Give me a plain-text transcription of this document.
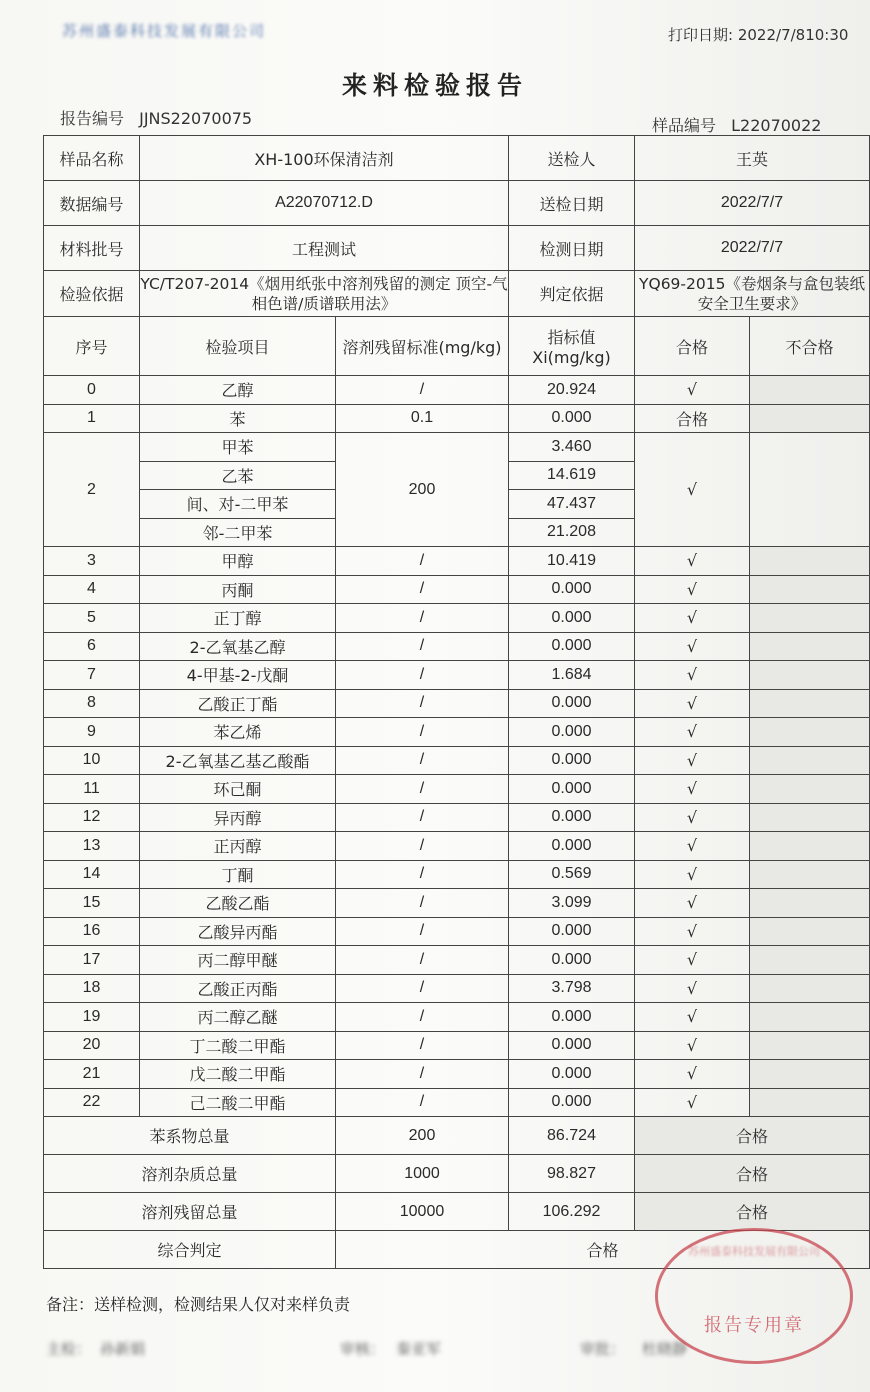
苏州盛泰科技发展有限公司	打印日期: 2022/7/810:30
来料检验报告
报告编号 JJNS22070075	样品编号 L22070022
样品名称	XH-100环保清洁剂		送检人	王英	
数据编号	A22070712.D		送检日期	2022/7/7	
材料批号	工程测试		检测日期	2022/7/7	
检验依据	YC/T207-2014《烟用纸张中溶剂残留的测定 顶空-气相色谱/质谱联用法》		判定依据	YQ69-2015《卷烟条与盒包装纸安全卫生要求》	
序号	检验项目	溶剂残留标准(mg/kg)	指标值Xi(mg/kg)	合格	不合格
0	乙醇	/	20.924	√	
1	苯	0.1	0.000	合格	
2	甲苯	200	3.460	√	
	乙苯		14.619		
	间、对-二甲苯		47.437		
	邻-二甲苯		21.208		
3	甲醇	/	10.419	√	
4	丙酮	/	0.000	√	
5	正丁醇	/	0.000	√	
6	2-乙氧基乙醇	/	0.000	√	
7	4-甲基-2-戊酮	/	1.684	√	
8	乙酸正丁酯	/	0.000	√	
9	苯乙烯	/	0.000	√	
10	2-乙氧基乙基乙酸酯	/	0.000	√	
11	环己酮	/	0.000	√	
12	异丙醇	/	0.000	√	
13	正丙醇	/	0.000	√	
14	丁酮	/	0.569	√	
15	乙酸乙酯	/	3.099	√	
16	乙酸异丙酯	/	0.000	√	
17	丙二醇甲醚	/	0.000	√	
18	乙酸正丙酯	/	3.798	√	
19	丙二醇乙醚	/	0.000	√	
20	丁二酸二甲酯	/	0.000	√	
21	戊二酸二甲酯	/	0.000	√	
22	己二酸二甲酯	/	0.000	√	
苯系物总量		200	86.724	合格	
溶剂杂质总量		1000	98.827	合格	
溶剂残留总量		10000	106.292	合格	
综合判定		合格			
备注：送样检测，检测结果人仅对来样负责
主检： 孙新娟	审核： 秦亚军	审批： 杜晓静
苏州盛泰科技发展有限公司
报告专用章
